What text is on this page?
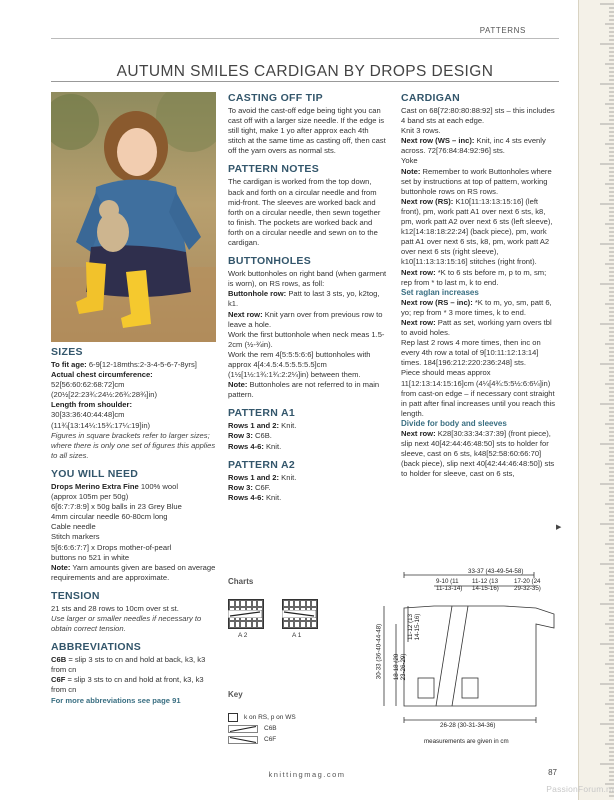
PATTERNS
AUTUMN SMILES CARDIGAN BY DROPS DESIGN
SIZES
To fit age: 6-9[12-18mths:2-3-4-5-6-7-8yrs]
Actual chest circumference:
52[56:60:62:68:72]cm
(20½[22:23¾:24½:26¾:28¾]in)
Length from shoulder:
30[33:36:40:44:48]cm
(11¾[13:14¼:15¾:17¼:19]in)
Figures in square brackets refer to larger sizes; where there is only one set of figures this applies to all sizes.
YOU WILL NEED
Drops Merino Extra Fine 100% wool
(approx 105m per 50g)
6[6:7:7:8:9] x 50g balls in 23 Grey Blue
4mm circular needle 60-80cm long
Cable needle
Stitch markers
5[6:6:6:7:7] x Drops mother-of-pearl
buttons no 521 in white
Note: Yarn amounts given are based on average requirements and are approximate.
TENSION
21 sts and 28 rows to 10cm over st st.
Use larger or smaller needles if necessary to obtain correct tension.
ABBREVIATIONS
C6B = slip 3 sts to cn and hold at back, k3, k3 from cn
C6F = slip 3 sts to cn and hold at front, k3, k3 from cn
For more abbreviations see page 91
CASTING OFF TIP
To avoid the cast-off edge being tight you can cast off with a larger size needle. If the edge is still tight, make 1 yo after approx each 4th stitch at the same time as casting off, then cast off the yarn overs as normal sts.
PATTERN NOTES
The cardigan is worked from the top down, back and forth on a circular needle and from mid-front. The sleeves are worked back and forth on a circular needle, then sewn together to finish. The pockets are worked back and forth on a circular needle and sewn on to the cardigan.
BUTTONHOLES
Work buttonholes on right band (when garment is worn), on RS rows, as foll:
Buttonhole row: Patt to last 3 sts, yo, k2tog, k1.
Next row: Knit yarn over from previous row to leave a hole.
Work the first buttonhole when neck meas 1.5-2cm (½-¾in).
Work the rem 4[5:5:5:6:6] buttonholes with approx 4[4:4.5:4.5:5.5:5.5]cm (1½[1½:1¾:1¾:2:2¼]in) between them.
Note: Buttonholes are not referred to in main pattern.
PATTERN A1
Rows 1 and 2: Knit.
Row 3: C6B.
Rows 4-6: Knit.
PATTERN A2
Rows 1 and 2: Knit.
Row 3: C6F.
Rows 4-6: Knit.
Charts
A 2	A 1
Key
k on RS, p on WS
C6B
C6F
CARDIGAN
Cast on 68[72:80:80:88:92] sts – this includes 4 band sts at each edge.
Knit 3 rows.
Next row (WS – inc): Knit, inc 4 sts evenly across. 72[76:84:84:92:96] sts.
Yoke
Note: Remember to work Buttonholes where set by instructions at top of pattern, working buttonhole rows on RS rows.
Next row (RS): K10[11:13:13:15:16] (left front), pm, work patt A1 over next 6 sts, k8, pm, work patt A2 over next 6 sts (left sleeve), k12[14:18:18:22:24] (back piece), pm, work patt A1 over next 6 sts, k8, pm, work patt A2 over next 6 sts (right sleeve), k10[11:13:13:15:16] stitches (right front).
Next row: *K to 6 sts before m, p to m, sm; rep from * to last m, k to end.
Set raglan increases
Next row (RS – inc): *K to m, yo, sm, patt 6, yo; rep from * 3 more times, k to end.
Next row: Patt as set, working yarn overs tbl to avoid holes.
Rep last 2 rows 4 more times, then inc on every 4th row a total of 9[10:11:12:13:14] times. 184[196:212:220:236:248] sts.
Piece should meas approx 11[12:13:14:15:16]cm (4¼[4¾:5:5½:6:6¼]in) from cast-on edge – if necessary cont straight in patt after final increases until you reach this length.
Divide for body and sleeves
Next row: K28[30:33:34:37:39] (front piece), slip next 40[42:44:46:48:50] sts to holder for sleeve, cast on 6 sts, k48[52:58:60:66:70] (back piece), slip next 40[42:44:46:48:50]) sts to holder for sleeve, cast on 6 sts,
▶
33-37 (43-49-54-58)
9-10 (11
11-13-14)
11-12 (13
14-15-16)
17-20 (24
29-32-35)
30-33 (36-40-44-48) 18-18 (20 23-26-29)
11-12 (13 14-15-16)
26-28 (30-31-34-36)
measurements are given in cm
knittingmag.com	87
PassionForum.ru
